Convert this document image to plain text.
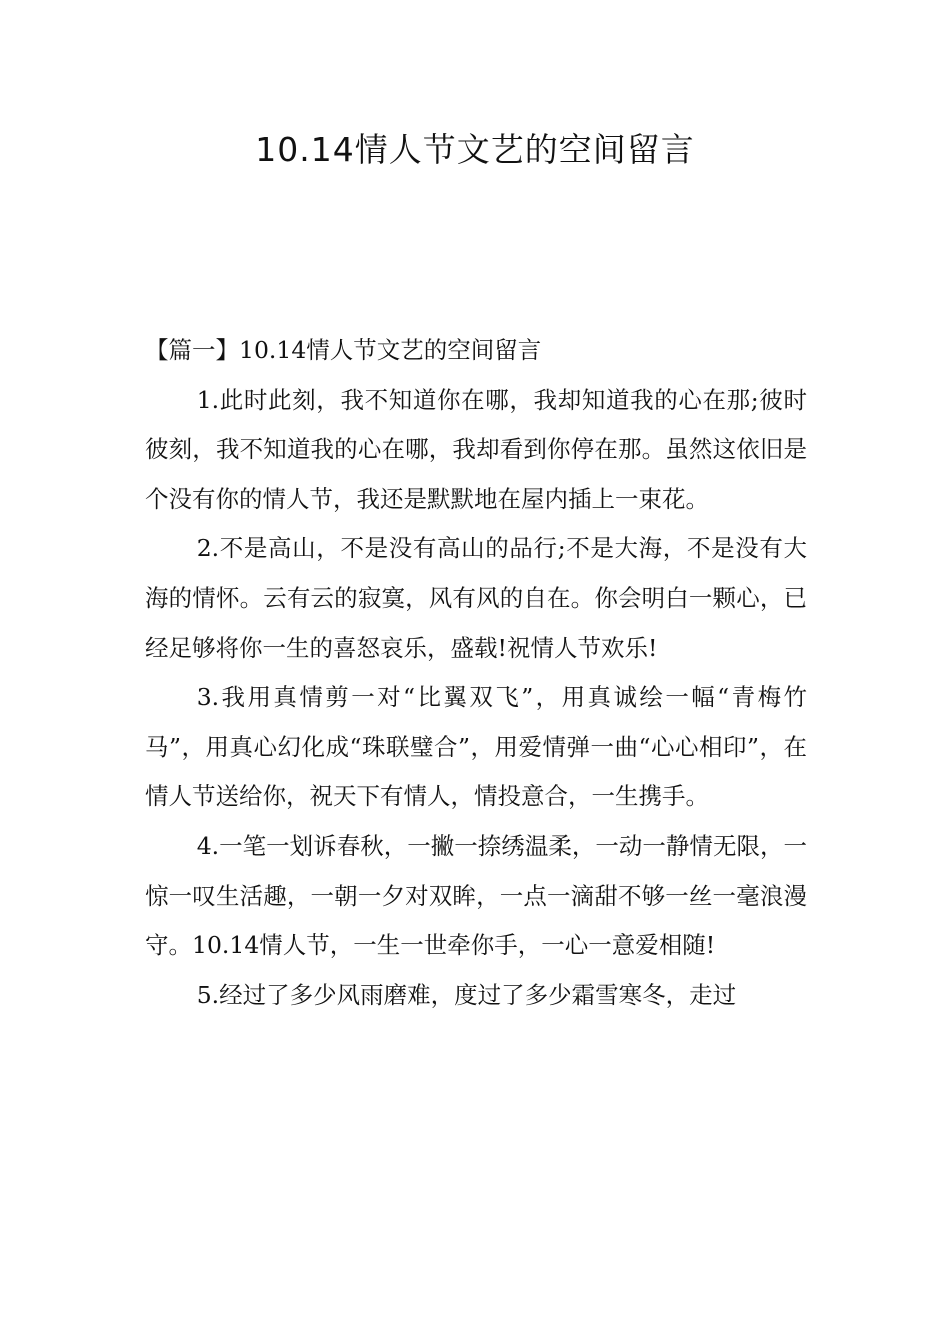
10.14情人节文艺的空间留言

【篇一】10.14情人节文艺的空间留言

1.此时此刻，我不知道你在哪，我却知道我的心在那;彼时彼刻，我不知道我的心在哪，我却看到你停在那。虽然这依旧是个没有你的情人节，我还是默默地在屋内插上一束花。

2.不是高山，不是没有高山的品行;不是大海，不是没有大海的情怀。云有云的寂寞，风有风的自在。你会明白一颗心，已经足够将你一生的喜怒哀乐，盛载!祝情人节欢乐!

3.我用真情剪一对“比翼双飞”，用真诚绘一幅“青梅竹马”，用真心幻化成“珠联璧合”，用爱情弹一曲“心心相印”，在情人节送给你，祝天下有情人，情投意合，一生携手。

4.一笔一划诉春秋，一撇一捺绣温柔，一动一静情无限，一惊一叹生活趣，一朝一夕对双眸，一点一滴甜不够一丝一毫浪漫守。10.14情人节，一生一世牵你手，一心一意爱相随!

5.经过了多少风雨磨难，度过了多少霜雪寒冬，走过
